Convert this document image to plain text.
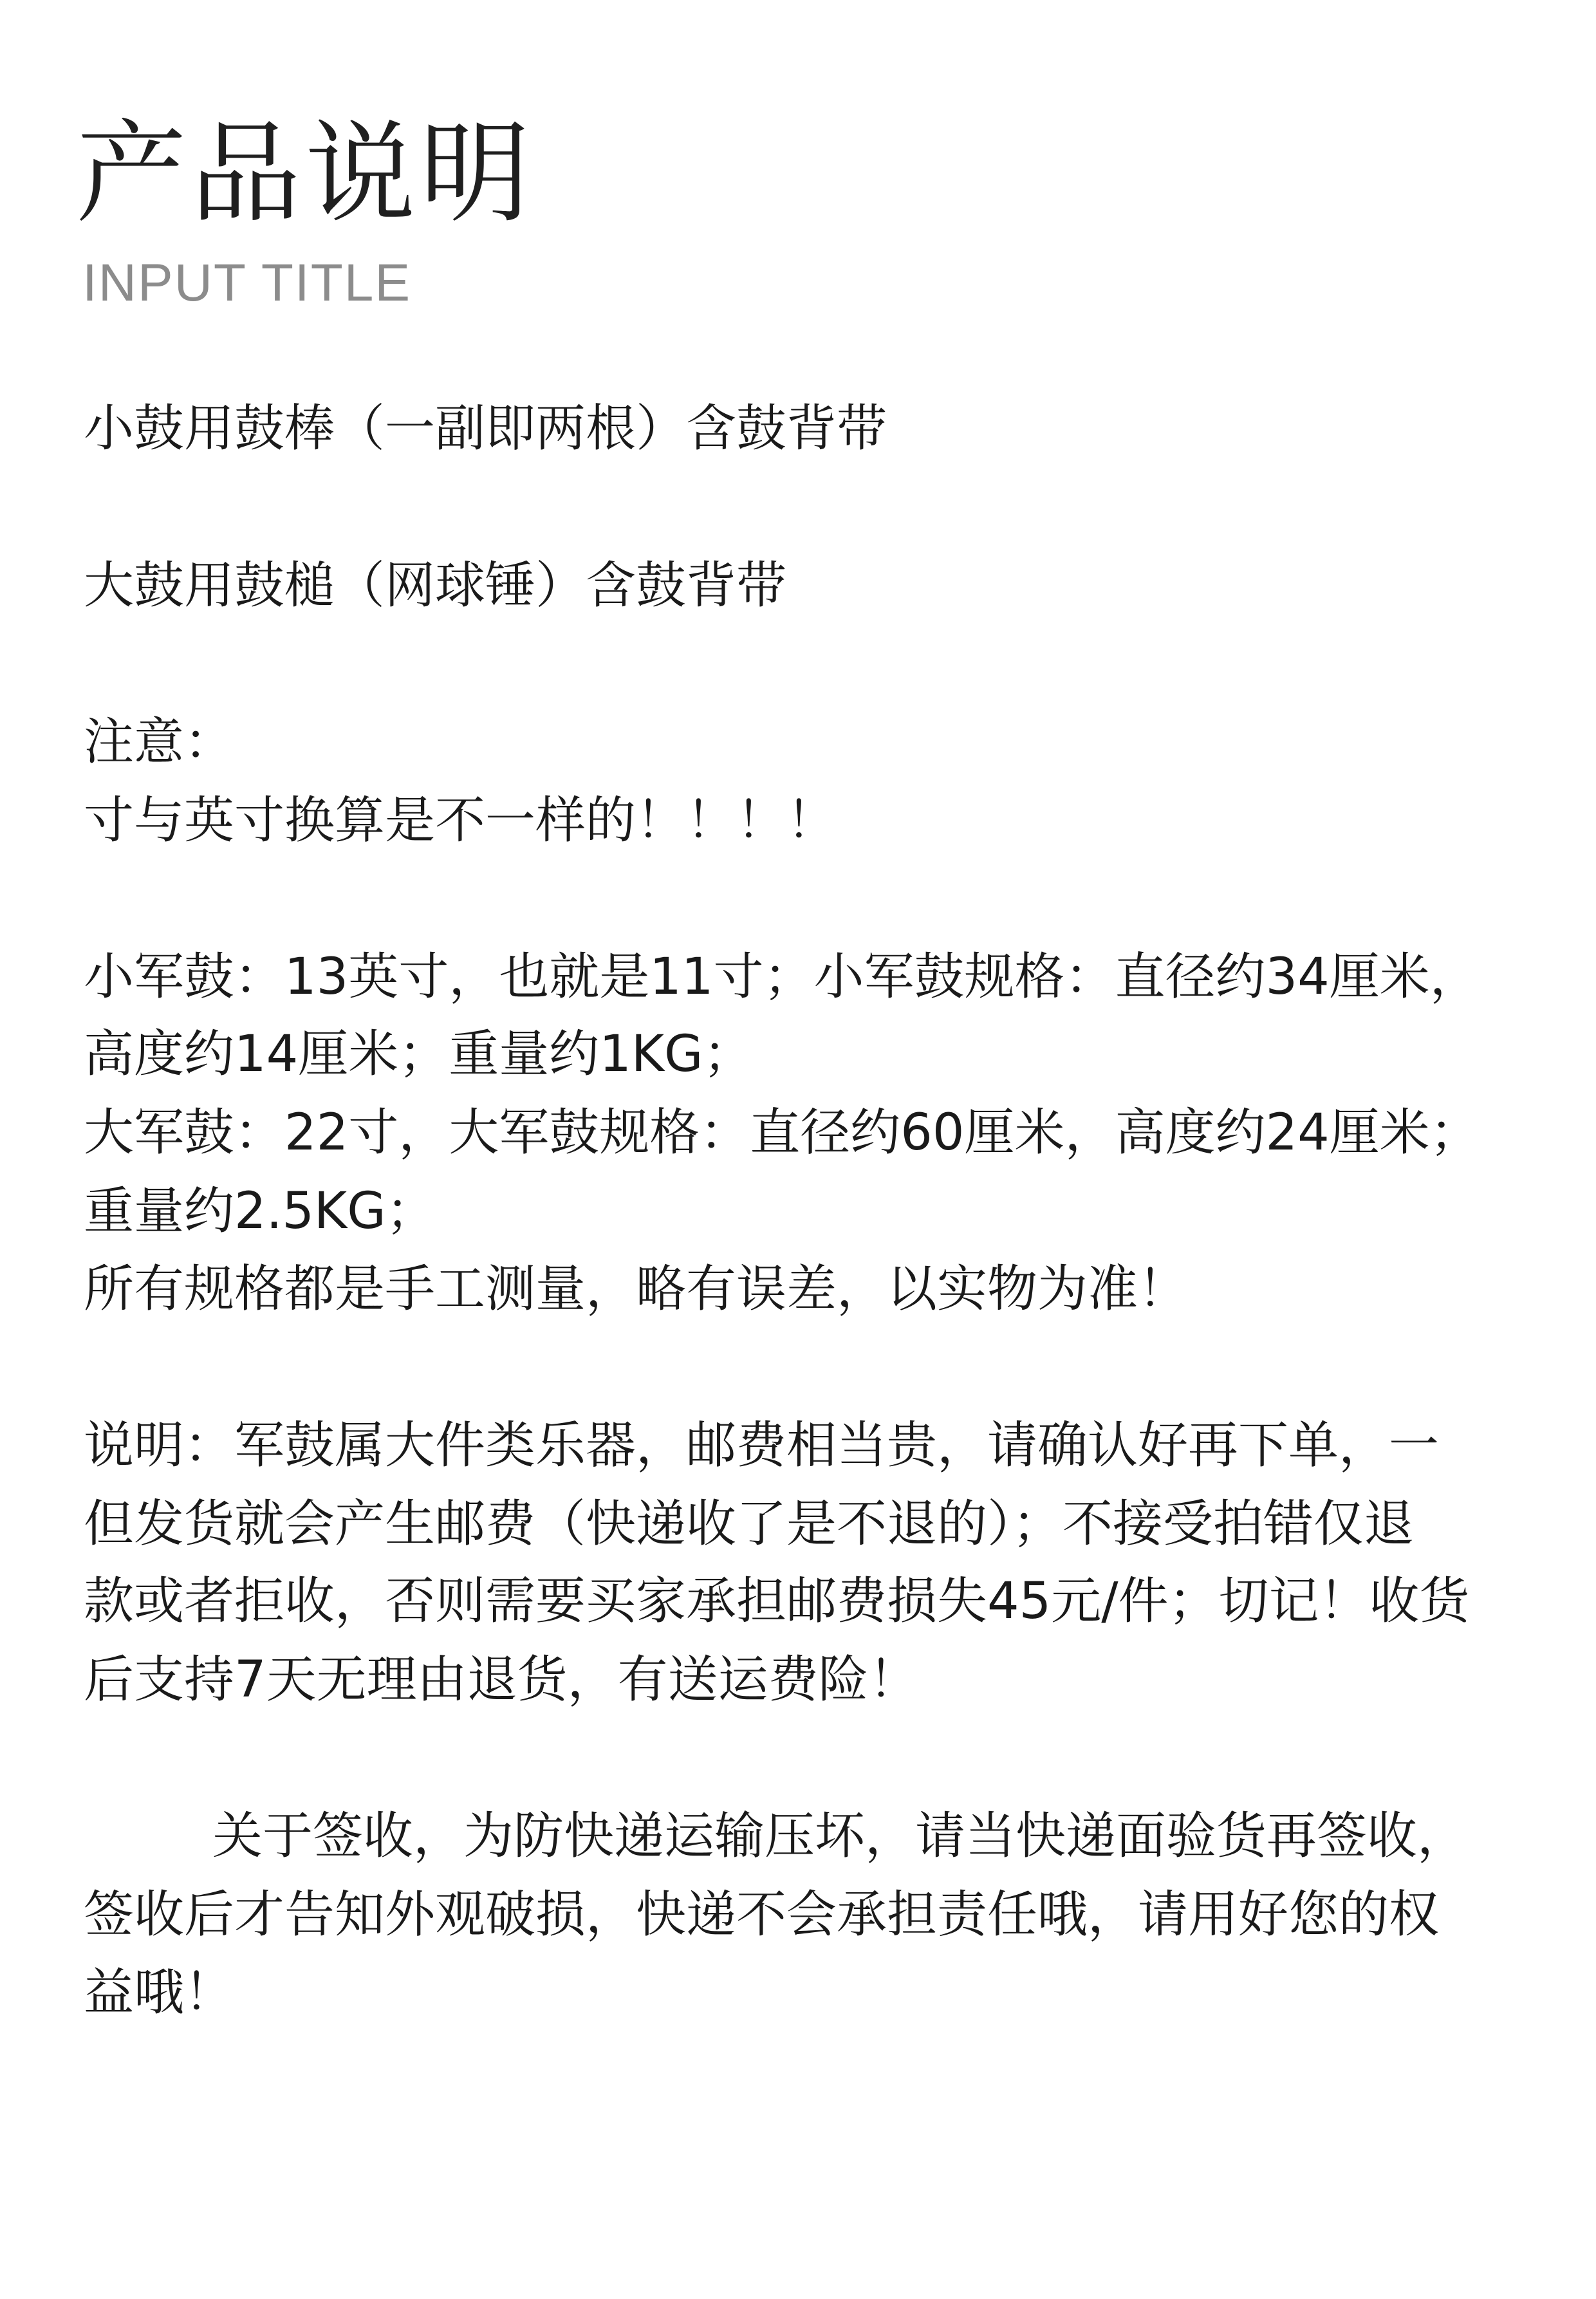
产品说明
INPUT TITLE
小鼓用鼓棒（一副即两根）含鼓背带
大鼓用鼓槌（网球锤）含鼓背带
注意：
寸与英寸换算是不一样的！！！！
小军鼓：13英寸，也就是11寸；小军鼓规格：直径约34厘米，
高度约14厘米；重量约1KG；
大军鼓：22寸，大军鼓规格：直径约60厘米，高度约24厘米；
重量约2.5KG；
所有规格都是手工测量，略有误差，以实物为准！
说明：军鼓属大件类乐器，邮费相当贵，请确认好再下单，一
但发货就会产生邮费（快递收了是不退的）；不接受拍错仅退
款或者拒收，否则需要买家承担邮费损失45元/件；切记！收货
后支持7天无理由退货，有送运费险！
关于签收，为防快递运输压坏，请当快递面验货再签收，
签收后才告知外观破损，快递不会承担责任哦，请用好您的权
益哦！
